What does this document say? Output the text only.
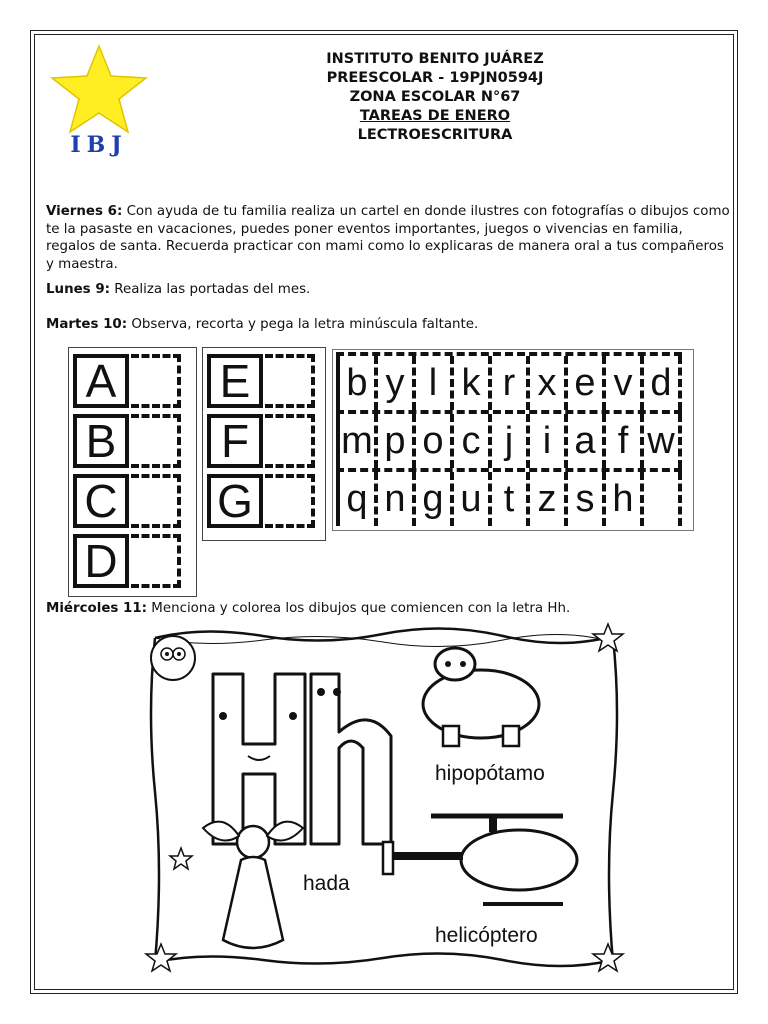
IBJ
INSTITUTO BENITO JUÁREZ
PREESCOLAR - 19PJN0594J
ZONA ESCOLAR N°67
TAREAS DE ENERO
LECTROESCRITURA
Viernes 6: Con ayuda de tu familia realiza un cartel en donde ilustres con fotografías o dibujos como te la pasaste en vacaciones, puedes poner eventos importantes, juegos o vivencias en familia, regalos de santa. Recuerda practicar con mami como lo explicaras de manera oral a tus compañeros y maestra.
Lunes 9: Realiza las portadas del mes.
Martes 10: Observa, recorta y pega la letra minúscula faltante.
A
B
C
D
E
F
G
b y l k r x e v d
m p o c j i a f w
q n g u t z s h
Miércoles 11: Menciona y colorea los dibujos que comiencen con la letra Hh.
hipopótamo
hada
helicóptero
